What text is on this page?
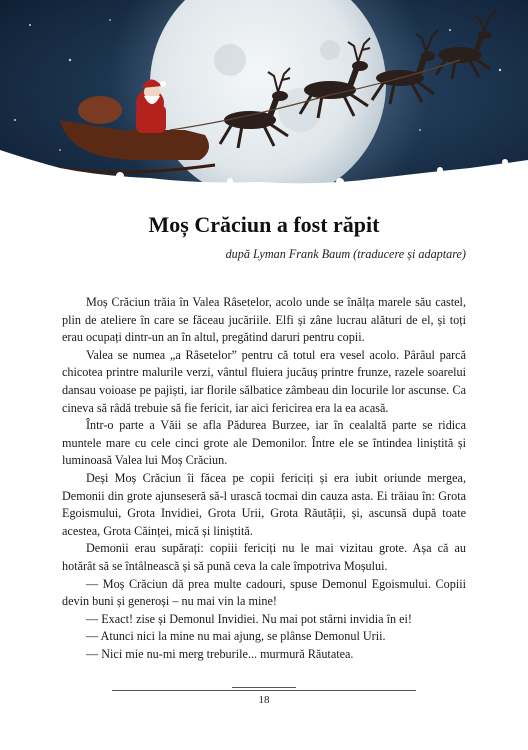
Moș Crăciun a fost răpit

după Lyman Frank Baum (traducere și adaptare)

Moș Crăciun trăia în Valea Râsetelor, acolo unde se înălța marele său castel, plin de ateliere în care se făceau jucăriile. Elfi și zâne lucrau alături de el, și toți erau ocupați dintr-un an în altul, pregătind daruri pentru copii.

Valea se numea „a Râsetelor” pentru că totul era vesel acolo. Pârâul parcă chicotea printre malurile verzi, vântul fluiera jucăuș printre frunze, razele soarelui dansau voioase pe pajiști, iar florile sălbatice zâmbeau din locurile lor ascunse. Ca cineva să râdă trebuie să fie fericit, iar aici fericirea era la ea acasă.

Într-o parte a Văii se afla Pădurea Burzee, iar în cealaltă parte se ridica muntele mare cu cele cinci grote ale Demonilor. Între ele se întindea liniștită și luminoasă Valea lui Moș Crăciun.

Deși Moș Crăciun îi făcea pe copii fericiți și era iubit oriunde mergea, Demonii din grote ajunseseră să-l urască tocmai din cauza asta. Ei trăiau în: Grota Egoismului, Grota Invidiei, Grota Urii, Grota Răutății, și, ascunsă după toate acestea, Grota Căinței, mică și liniștită.

Demonii erau supărați: copiii fericiți nu le mai vizitau grote. Așa că au hotărât să se întâlnească și să pună ceva la cale împotriva Moșului.

— Moș Crăciun dă prea multe cadouri, spuse Demonul Egoismului. Copiii devin buni și generoși – nu mai vin la mine!

— Exact! zise și Demonul Invidiei. Nu mai pot stârni invidia în ei!

— Atunci nici la mine nu mai ajung, se plânse Demonul Urii.

— Nici mie nu-mi merg treburile... murmură Răutatea.

18
